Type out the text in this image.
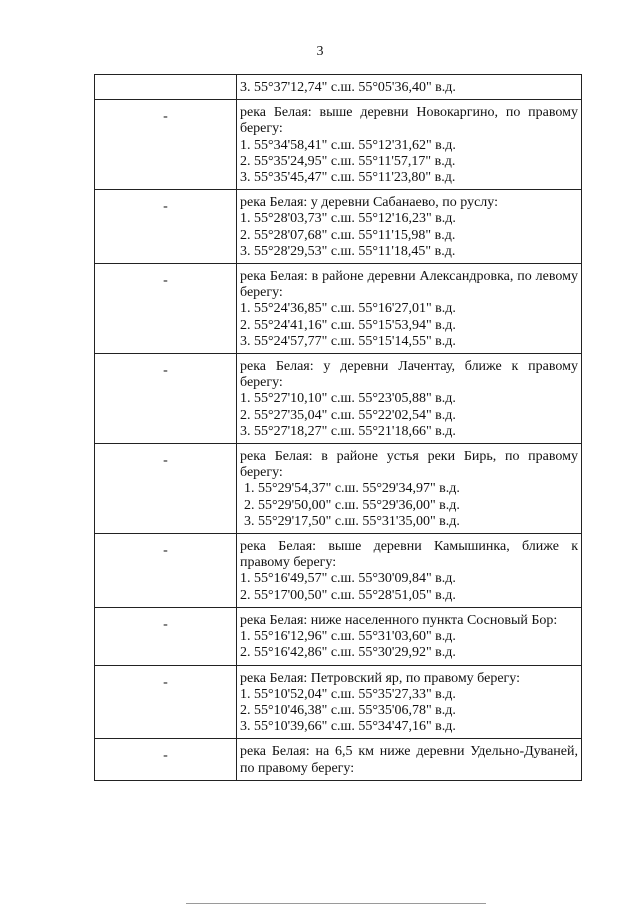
3

	3. 55°37'12,74" с.ш. 55°05'36,40" в.д.

-	река Белая: выше деревни Новокаргино, по правому берегу:
1. 55°34'58,41" с.ш. 55°12'31,62" в.д.
2. 55°35'24,95" с.ш. 55°11'57,17" в.д.
3. 55°35'45,47" с.ш. 55°11'23,80" в.д.

-	река Белая: у деревни Сабанаево, по руслу:
1. 55°28'03,73" с.ш. 55°12'16,23" в.д.
2. 55°28'07,68" с.ш. 55°11'15,98" в.д.
3. 55°28'29,53" с.ш. 55°11'18,45" в.д.

-	река Белая: в районе деревни Александровка, по левому берегу:
1. 55°24'36,85" с.ш. 55°16'27,01" в.д.
2. 55°24'41,16" с.ш. 55°15'53,94" в.д.
3. 55°24'57,77" с.ш. 55°15'14,55" в.д.

-	река Белая: у деревни Лачентау, ближе к правому берегу:
1. 55°27'10,10" с.ш. 55°23'05,88" в.д.
2. 55°27'35,04" с.ш. 55°22'02,54" в.д.
3. 55°27'18,27" с.ш. 55°21'18,66" в.д.

-	река Белая: в районе устья реки Бирь, по правому берегу:
1. 55°29'54,37" с.ш. 55°29'34,97" в.д.
2. 55°29'50,00" с.ш. 55°29'36,00" в.д.
3. 55°29'17,50" с.ш. 55°31'35,00" в.д.

-	река Белая: выше деревни Камышинка, ближе к правому берегу:
1. 55°16'49,57" с.ш. 55°30'09,84" в.д.
2. 55°17'00,50" с.ш. 55°28'51,05" в.д.

-	река Белая: ниже населенного пункта Сосновый Бор:
1. 55°16'12,96" с.ш. 55°31'03,60" в.д.
2. 55°16'42,86" с.ш. 55°30'29,92" в.д.

-	река Белая: Петровский яр, по правому берегу:
1. 55°10'52,04" с.ш. 55°35'27,33" в.д.
2. 55°10'46,38" с.ш. 55°35'06,78" в.д.
3. 55°10'39,66" с.ш. 55°34'47,16" в.д.

-	река Белая: на 6,5 км ниже деревни Удельно-Дуваней, по правому берегу:
